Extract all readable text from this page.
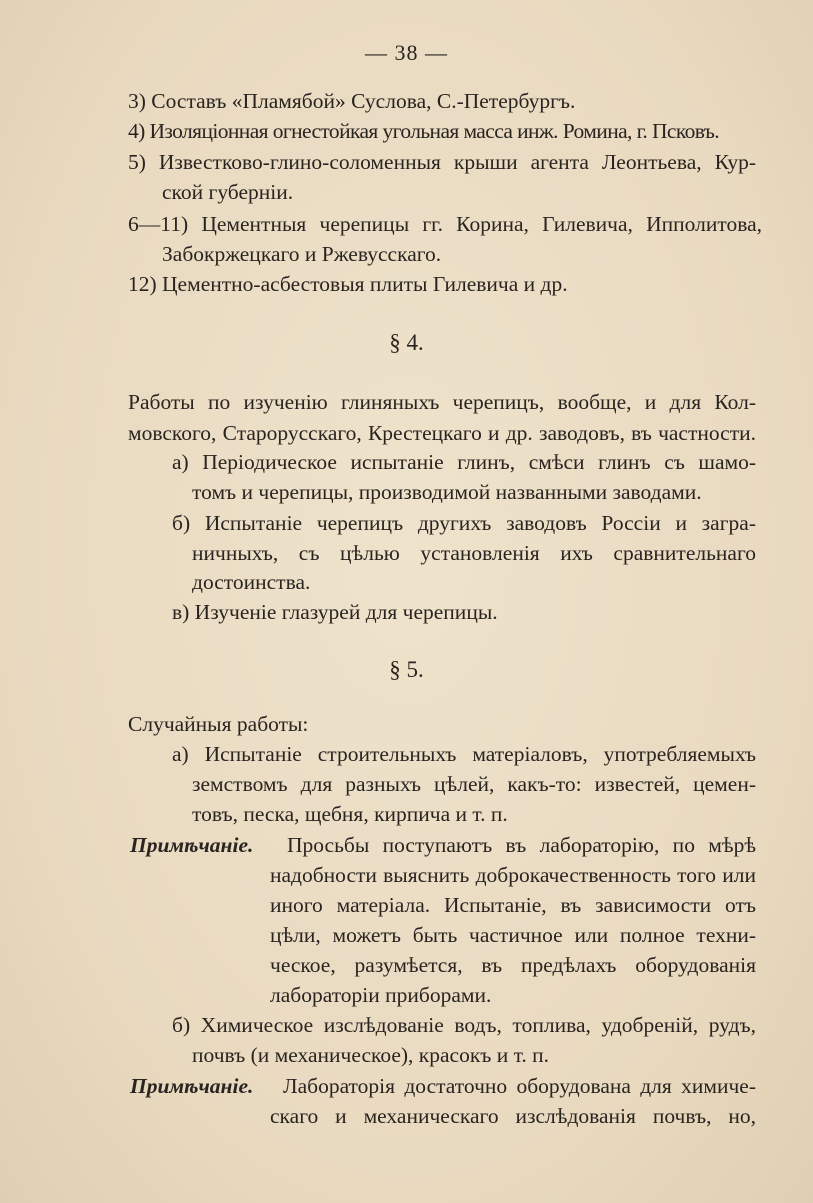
— 38 —
3) Составъ «Пламябой» Суслова, С.-Петербургъ.
4) Изоляціонная огнестойкая угольная масса инж. Ромина, г. Псковъ.
5) Известково-глино-соломенныя крыши агента Леонтьева, Кур-
ской губерніи.
6—11) Цементныя черепицы гг. Корина, Гилевича, Ипполитова,
Забокржецкаго и Ржевусскаго.
12) Цементно-асбестовыя плиты Гилевича и др.
§ 4.
Работы по изученію глиняныхъ черепицъ, вообще, и для Кол-
мовского, Старорусскаго, Крестецкаго и др. заводовъ, въ частности.
а) Періодическое испытаніе глинъ, смѣси глинъ съ шамо-
томъ и черепицы, производимой названными заводами.
б) Испытаніе черепицъ другихъ заводовъ Россіи и загра-
ничныхъ, съ цѣлью установленія ихъ сравнительнаго
достоинства.
в) Изученіе глазурей для черепицы.
§ 5.
Случайныя работы:
а) Испытаніе строительныхъ матеріаловъ, употребляемыхъ
земствомъ для разныхъ цѣлей, какъ-то: известей, цемен-
товъ, песка, щебня, кирпича и т. п.
Примѣчаніе.	Просьбы поступаютъ въ лабораторію, по мѣрѣ
надобности выяснить доброкачественность того или
иного матеріала. Испытаніе, въ зависимости отъ
цѣли, можетъ быть частичное или полное техни-
ческое, разумѣется, въ предѣлахъ оборудованія
лабораторіи приборами.
б) Химическое изслѣдованіе водъ, топлива, удобреній, рудъ,
почвъ (и механическое), красокъ и т. п.
Примѣчаніе.	Лабораторія достаточно оборудована для химиче-
скаго и механическаго изслѣдованія почвъ, но,
